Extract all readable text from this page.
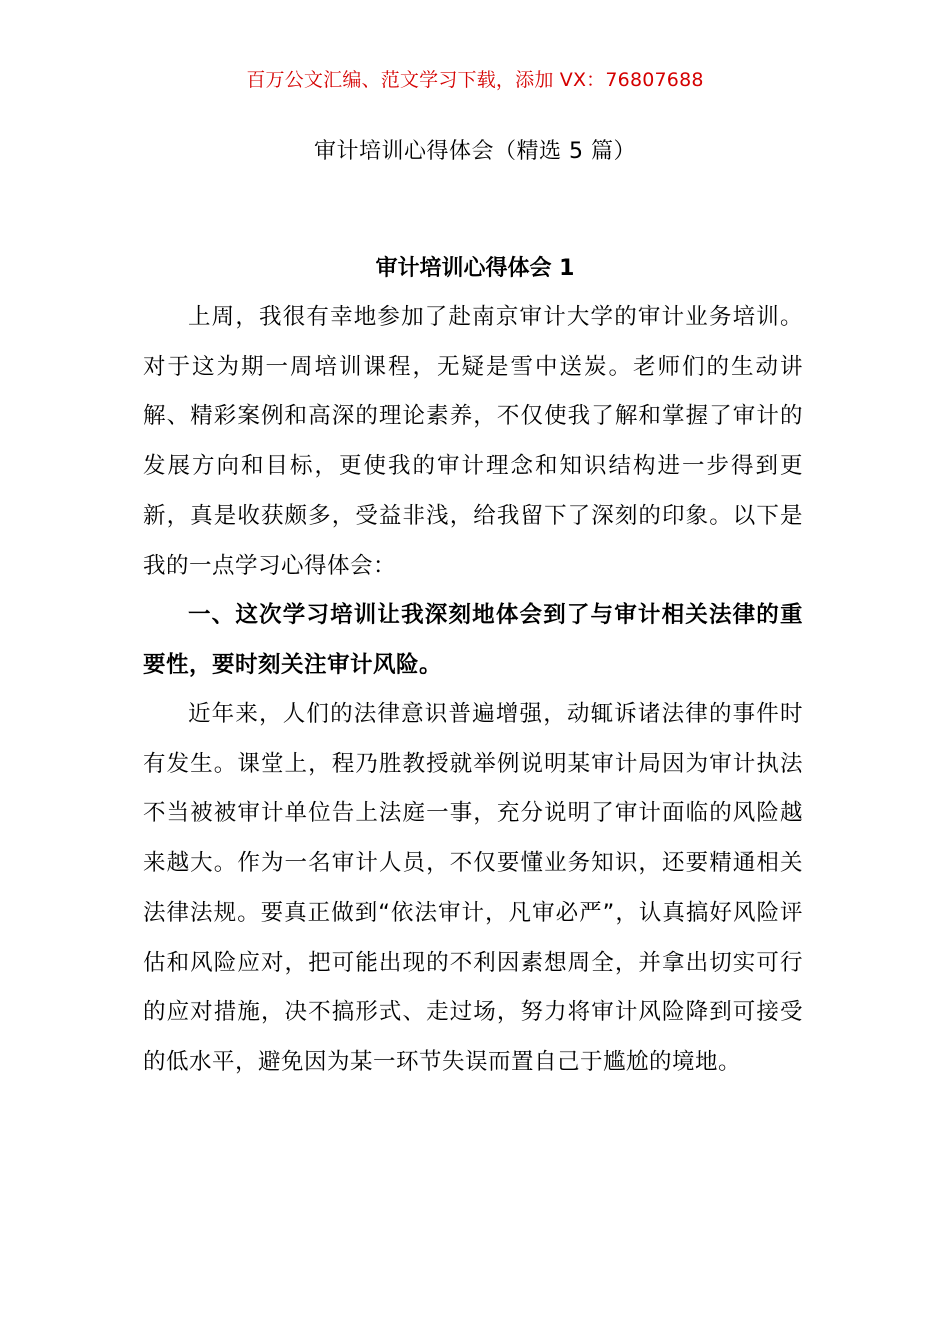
百万公文汇编、范文学习下载，添加 VX：76807688
审计培训心得体会（精选 5 篇）
审计培训心得体会 1

上周，我很有幸地参加了赴南京审计大学的审计业务培训。对于这为期一周培训课程，无疑是雪中送炭。老师们的生动讲解、精彩案例和高深的理论素养，不仅使我了解和掌握了审计的发展方向和目标，更使我的审计理念和知识结构进一步得到更新，真是收获颇多，受益非浅，给我留下了深刻的印象。以下是我的一点学习心得体会：

一、这次学习培训让我深刻地体会到了与审计相关法律的重要性，要时刻关注审计风险。

近年来，人们的法律意识普遍增强，动辄诉诸法律的事件时有发生。课堂上，程乃胜教授就举例说明某审计局因为审计执法不当被被审计单位告上法庭一事，充分说明了审计面临的风险越来越大。作为一名审计人员，不仅要懂业务知识，还要精通相关法律法规。要真正做到“依法审计，凡审必严”，认真搞好风险评估和风险应对，把可能出现的不利因素想周全，并拿出切实可行的应对措施，决不搞形式、走过场，努力将审计风险降到可接受的低水平，避免因为某一环节失误而置自己于尴尬的境地。
